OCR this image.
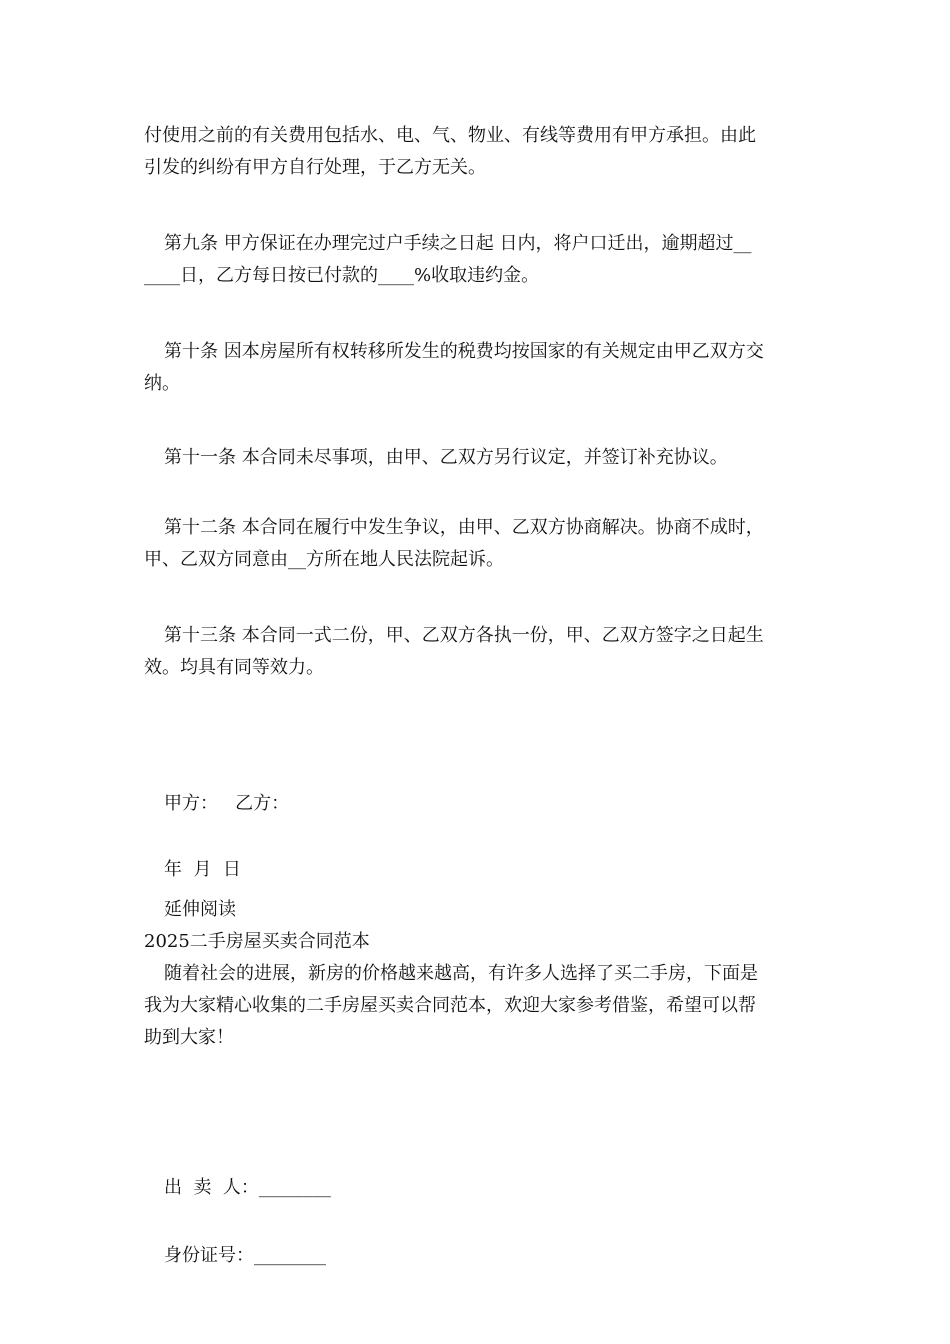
付使用之前的有关费用包括水、电、气、物业、有线等费用有甲方承担。由此
引发的纠纷有甲方自行处理，于乙方无关。
第九条 甲方保证在办理完过户手续之日起 日内，将户口迁出，逾期超过__
____日，乙方每日按已付款的____%收取违约金。
第十条 因本房屋所有权转移所发生的税费均按国家的有关规定由甲乙双方交
纳。
第十一条 本合同未尽事项，由甲、乙双方另行议定，并签订补充协议。
第十二条 本合同在履行中发生争议，由甲、乙双方协商解决。协商不成时，
甲、乙双方同意由__方所在地人民法院起诉。
第十三条 本合同一式二份，甲、乙双方各执一份，甲、乙双方签字之日起生
效。均具有同等效力。

甲方：   乙方：

年  月  日

延伸阅读
2025二手房屋买卖合同范本
随着社会的进展，新房的价格越来越高，有许多人选择了买二手房，下面是
我为大家精心收集的二手房屋买卖合同范本，欢迎大家参考借鉴，希望可以帮
助到大家！

出  卖  人：________

身份证号：________
